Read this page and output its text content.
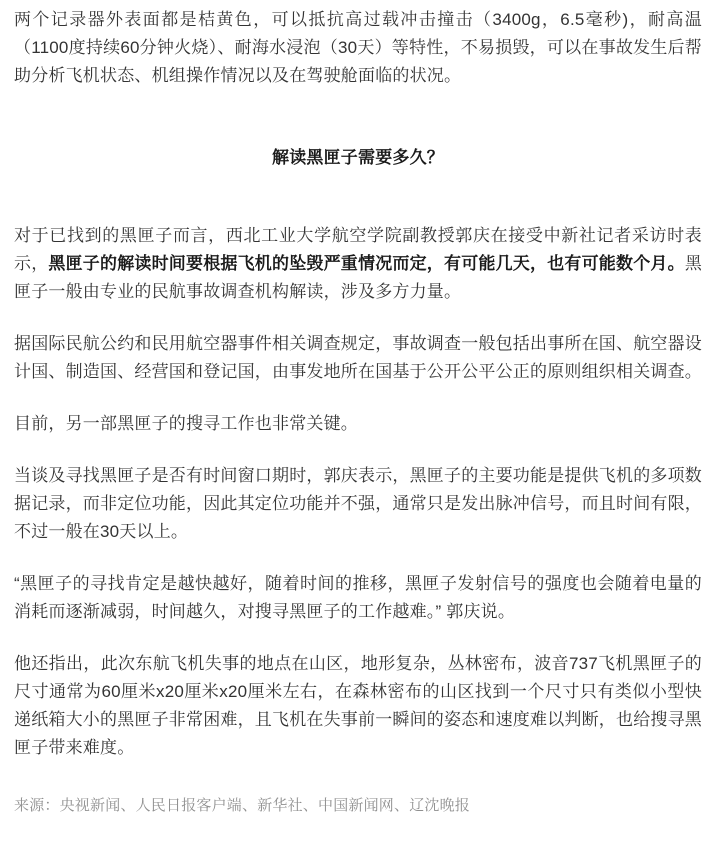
两个记录器外表面都是桔黄色，可以抵抗高过载冲击撞击（3400g，6.5毫秒)，耐高温（1100度持续60分钟火烧）、耐海水浸泡（30天）等特性，不易损毁，可以在事故发生后帮助分析飞机状态、机组操作情况以及在驾驶舱面临的状况。

解读黑匣子需要多久？

对于已找到的黑匣子而言，西北工业大学航空学院副教授郭庆在接受中新社记者采访时表示，黑匣子的解读时间要根据飞机的坠毁严重情况而定，有可能几天，也有可能数个月。黑匣子一般由专业的民航事故调查机构解读，涉及多方力量。

据国际民航公约和民用航空器事件相关调查规定，事故调查一般包括出事所在国、航空器设计国、制造国、经营国和登记国，由事发地所在国基于公开公平公正的原则组织相关调查。

目前，另一部黑匣子的搜寻工作也非常关键。

当谈及寻找黑匣子是否有时间窗口期时，郭庆表示，黑匣子的主要功能是提供飞机的多项数据记录，而非定位功能，因此其定位功能并不强，通常只是发出脉冲信号，而且时间有限，不过一般在30天以上。

“黑匣子的寻找肯定是越快越好，随着时间的推移，黑匣子发射信号的强度也会随着电量的消耗而逐渐减弱，时间越久，对搜寻黑匣子的工作越难。” 郭庆说。

他还指出，此次东航飞机失事的地点在山区，地形复杂，丛林密布，波音737飞机黑匣子的尺寸通常为60厘米x20厘米x20厘米左右，在森林密布的山区找到一个尺寸只有类似小型快递纸箱大小的黑匣子非常困难，且飞机在失事前一瞬间的姿态和速度难以判断，也给搜寻黑匣子带来难度。

来源：央视新闻、人民日报客户端、新华社、中国新闻网、辽沈晚报
